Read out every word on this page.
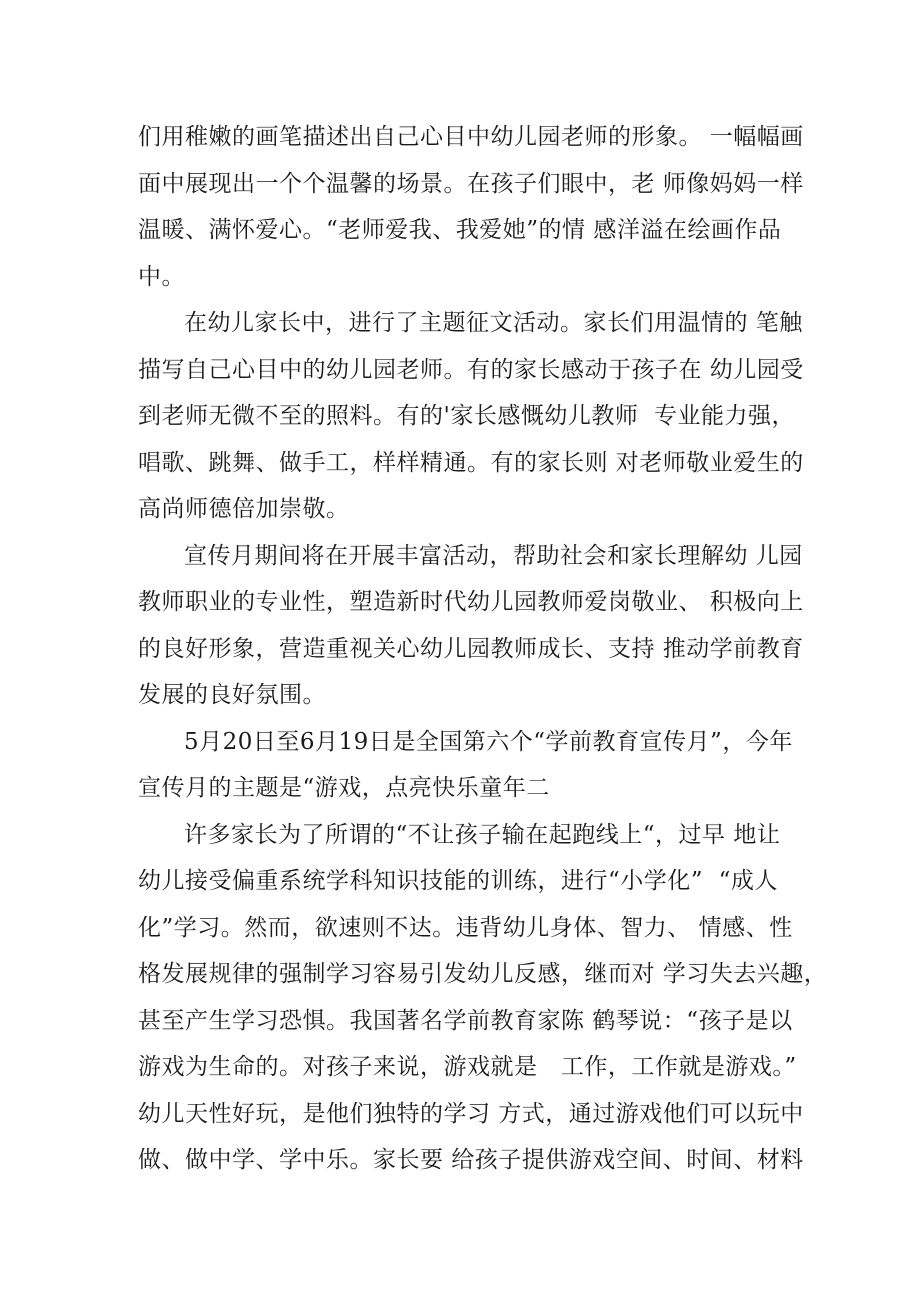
们用稚嫩的画笔描述出自己心目中幼儿园老师的形象。 一幅幅画
面中展现出一个个温馨的场景。在孩子们眼中，老 师像妈妈一样
温暖、满怀爱心。“老师爱我、我爱她”的情 感洋溢在绘画作品
中。
在幼儿家长中，进行了主题征文活动。家长们用温情的 笔触
描写自己心目中的幼儿园老师。有的家长感动于孩子在 幼儿园受
到老师无微不至的照料。有的'家长感慨幼儿教师  专业能力强，
唱歌、跳舞、做手工，样样精通。有的家长则 对老师敬业爱生的
高尚师德倍加崇敬。
宣传月期间将在开展丰富活动，帮助社会和家长理解幼 儿园
教师职业的专业性，塑造新时代幼儿园教师爱岗敬业、 积极向上
的良好形象，营造重视关心幼儿园教师成长、支持 推动学前教育
发展的良好氛围。
5月20日至6月19日是全国第六个“学前教育宣传月”，今年
宣传月的主题是“游戏，点亮快乐童年二
许多家长为了所谓的“不让孩子输在起跑线上“，过早 地让
幼儿接受偏重系统学科知识技能的训练，进行“小学化”  “成人
化”学习。然而，欲速则不达。违背幼儿身体、智力、 情感、性
格发展规律的强制学习容易引发幼儿反感，继而对 学习失去兴趣，
甚至产生学习恐惧。我国著名学前教育家陈 鹤琴说：“孩子是以
游戏为生命的。对孩子来说，游戏就是   工作，工作就是游戏。”
幼儿天性好玩，是他们独特的学习 方式，通过游戏他们可以玩中
做、做中学、学中乐。家长要 给孩子提供游戏空间、时间、材料
